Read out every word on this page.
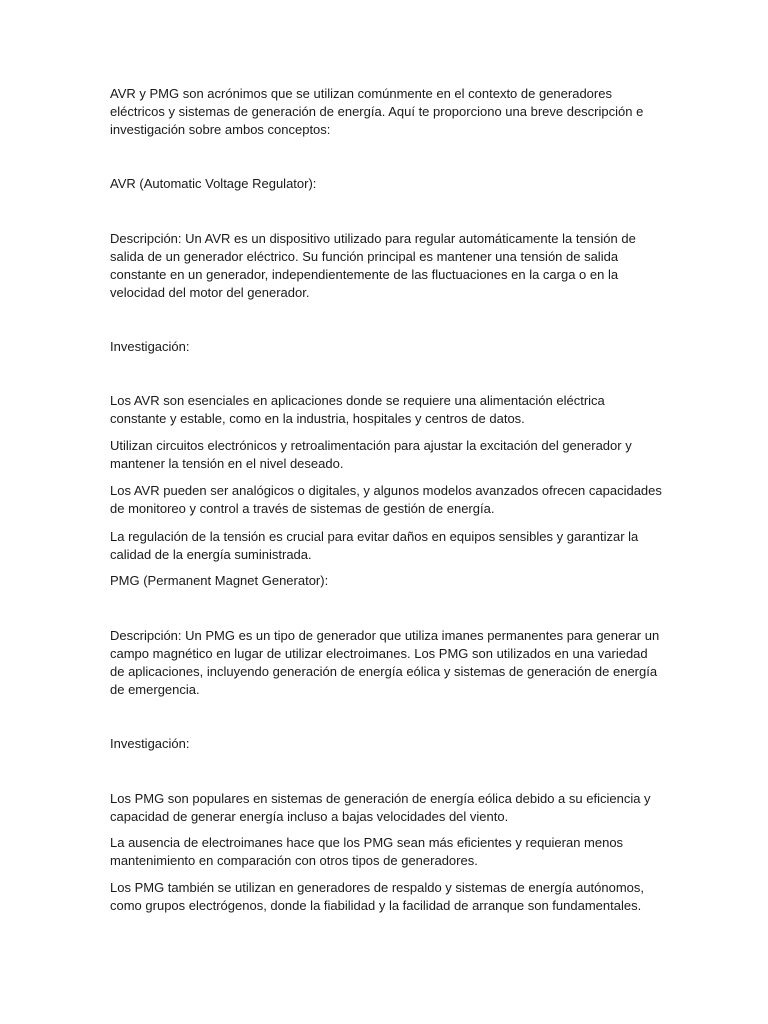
AVR y PMG son acrónimos que se utilizan comúnmente en el contexto de generadores eléctricos y sistemas de generación de energía. Aquí te proporciono una breve descripción e investigación sobre ambos conceptos:

AVR (Automatic Voltage Regulator):

Descripción: Un AVR es un dispositivo utilizado para regular automáticamente la tensión de salida de un generador eléctrico. Su función principal es mantener una tensión de salida constante en un generador, independientemente de las fluctuaciones en la carga o en la velocidad del motor del generador.

Investigación:

Los AVR son esenciales en aplicaciones donde se requiere una alimentación eléctrica constante y estable, como en la industria, hospitales y centros de datos.

Utilizan circuitos electrónicos y retroalimentación para ajustar la excitación del generador y mantener la tensión en el nivel deseado.

Los AVR pueden ser analógicos o digitales, y algunos modelos avanzados ofrecen capacidades de monitoreo y control a través de sistemas de gestión de energía.

La regulación de la tensión es crucial para evitar daños en equipos sensibles y garantizar la calidad de la energía suministrada.

PMG (Permanent Magnet Generator):

Descripción: Un PMG es un tipo de generador que utiliza imanes permanentes para generar un campo magnético en lugar de utilizar electroimanes. Los PMG son utilizados en una variedad de aplicaciones, incluyendo generación de energía eólica y sistemas de generación de energía de emergencia.

Investigación:

Los PMG son populares en sistemas de generación de energía eólica debido a su eficiencia y capacidad de generar energía incluso a bajas velocidades del viento.

La ausencia de electroimanes hace que los PMG sean más eficientes y requieran menos mantenimiento en comparación con otros tipos de generadores.

Los PMG también se utilizan en generadores de respaldo y sistemas de energía autónomos, como grupos electrógenos, donde la fiabilidad y la facilidad de arranque son fundamentales.
